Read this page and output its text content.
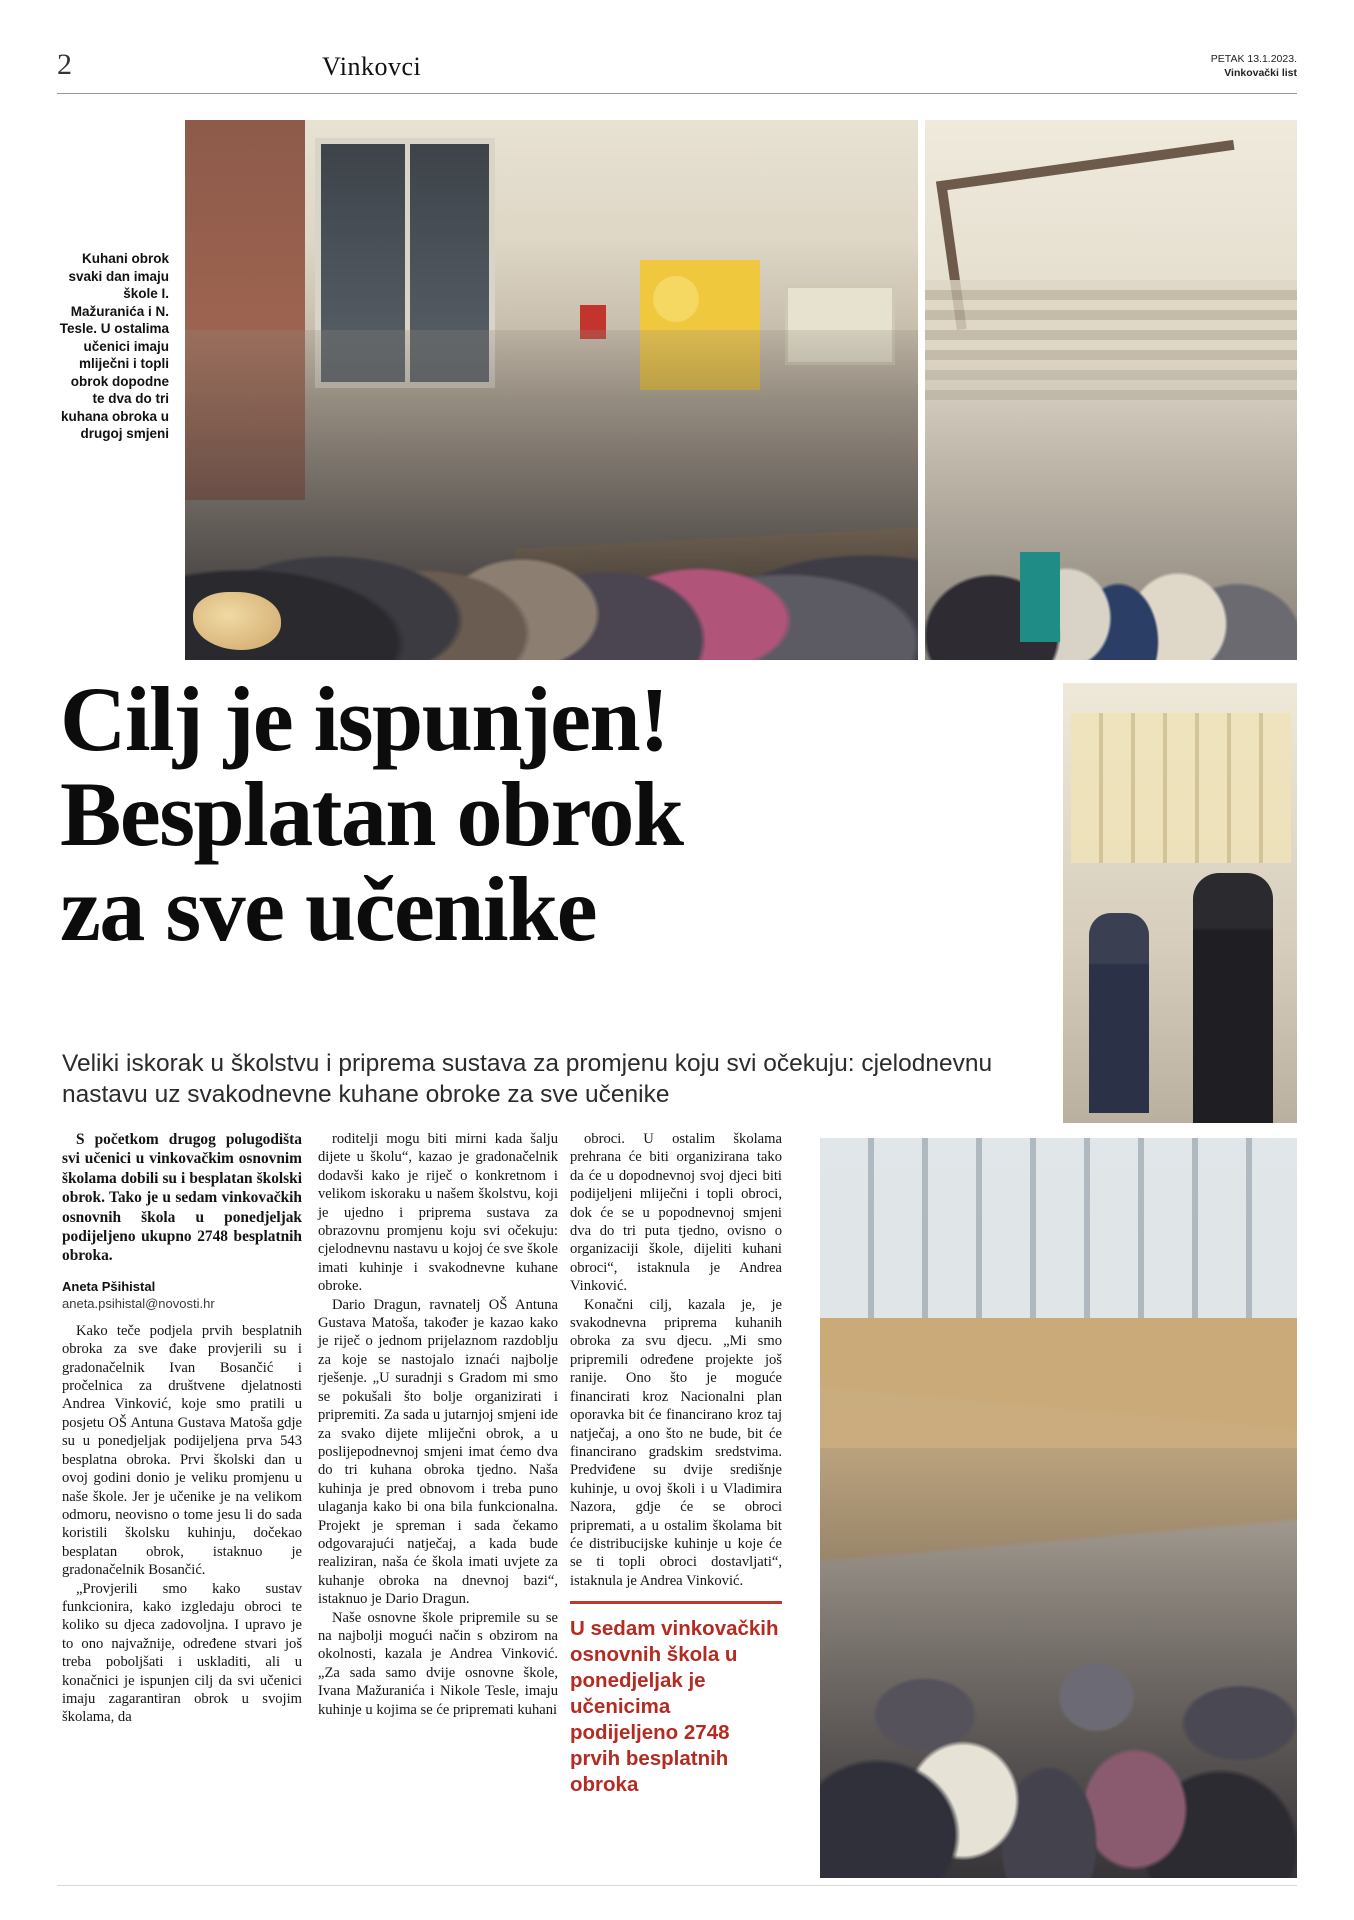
2	Vinkovci	PETAK 13.1.2023.
Vinkovački list
Kuhani obrok svaki dan imaju škole I. Mažuranića i N. Tesle. U ostalima učenici imaju mliječni i topli obrok dopodne te dva do tri kuhana obroka u drugoj smjeni
Cilj je ispunjen!
Besplatan obrok
za sve učenike
Veliki iskorak u školstvu i priprema sustava za promjenu koju svi očekuju: cjelodnevnu nastavu uz svakodnevne kuhane obroke za sve učenike

S početkom drugog polugodišta svi učenici u vinkovačkim osnovnim školama dobili su i besplatan školski obrok. Tako je u sedam vinkovačkih osnovnih škola u ponedjeljak podijeljeno ukupno 2748 besplatnih obroka.

Aneta Pšihistal
aneta.psihistal@novosti.hr

Kako teče podjela prvih besplatnih obroka za sve đake provjerili su i gradonačelnik Ivan Bosančić i pročelnica za društvene djelatnosti Andrea Vinković, koje smo pratili u posjetu OŠ Antuna Gustava Matoša gdje su u ponedjeljak podijeljena prva 543 besplatna obroka. Prvi školski dan u ovoj godini donio je veliku promjenu u naše škole. Jer je učenike je na velikom odmoru, neovisno o tome jesu li do sada koristili školsku kuhinju, dočekao besplatan obrok, istaknuo je gradonačelnik Bosančić.

„Provjerili smo kako sustav funkcionira, kako izgledaju obroci te koliko su djeca zadovoljna. I upravo je to ono najvažnije, određene stvari još treba poboljšati i uskladiti, ali u konačnici je ispunjen cilj da svi učenici imaju zagarantiran obrok u svojim školama, da

roditelji mogu biti mirni kada šalju dijete u školu“, kazao je gradonačelnik dodavši kako je riječ o konkretnom i velikom iskoraku u našem školstvu, koji je ujedno i priprema sustava za obrazovnu promjenu koju svi očekuju: cjelodnevnu nastavu u kojoj će sve škole imati kuhinje i svakodnevne kuhane obroke.

Dario Dragun, ravnatelj OŠ Antuna Gustava Matoša, također je kazao kako je riječ o jednom prijelaznom razdoblju za koje se nastojalo iznaći najbolje rješenje. „U suradnji s Gradom mi smo se pokušali što bolje organizirati i pripremiti. Za sada u jutarnjoj smjeni ide za svako dijete mliječni obrok, a u poslijepodnevnoj smjeni imat ćemo dva do tri kuhana obroka tjedno. Naša kuhinja je pred obnovom i treba puno ulaganja kako bi ona bila funkcionalna. Projekt je spreman i sada čekamo odgovarajući natječaj, a kada bude realiziran, naša će škola imati uvjete za kuhanje obroka na dnevnoj bazi“, istaknuo je Dario Dragun.

Naše osnovne škole pripremile su se na najbolji mogući način s obzirom na okolnosti, kazala je Andrea Vinković. „Za sada samo dvije osnovne škole, Ivana Mažuranića i Nikole Tesle, imaju kuhinje u kojima se će pripremati kuhani

obroci. U ostalim školama prehrana će biti organizirana tako da će u dopodnevnoj svoj djeci biti podijeljeni mliječni i topli obroci, dok će se u popodnevnoj smjeni dva do tri puta tjedno, ovisno o organizaciji škole, dijeliti kuhani obroci“, istaknula je Andrea Vinković.

Konačni cilj, kazala je, je svakodnevna priprema kuhanih obroka za svu djecu. „Mi smo pripremili određene projekte još ranije. Ono što je moguće financirati kroz Nacionalni plan oporavka bit će financirano kroz taj natječaj, a ono što ne bude, bit će financirano gradskim sredstvima. Predviđene su dvije središnje kuhinje, u ovoj školi i u Vladimira Nazora, gdje će se obroci pripremati, a u ostalim školama bit će distribucijske kuhinje u koje će se ti topli obroci dostavljati“, istaknula je Andrea Vinković.

U sedam vinkovačkih osnovnih škola u ponedjeljak je učenicima podijeljeno 2748 prvih besplatnih obroka
